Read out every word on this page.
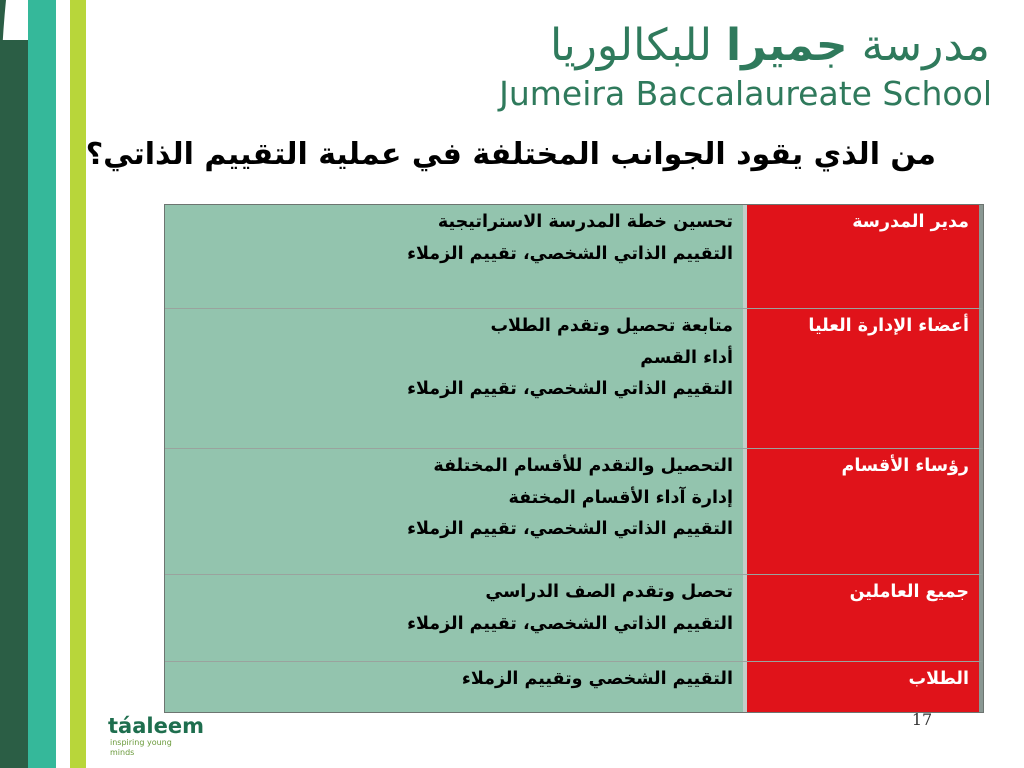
مدرسة جميرا للبكالوريا
Jumeira Baccalaureate School
من الذي يقود الجوانب المختلفة في عملية التقييم الذاتي؟
مدير المدرسة	تحسين خطة المدرسة الاستراتيجية
التقييم الذاتي الشخصي، تقييم الزملاء

أعضاء الإدارة العليا	متابعة تحصيل وتقدم الطلاب
أداء القسم
التقييم الذاتي الشخصي، تقييم الزملاء

رؤساء الأقسام	التحصيل والتقدم للأقسام المختلفة
إدارة آداء الأقسام المختفة
التقييم الذاتي الشخصي، تقييم الزملاء

جميع العاملين	تحصل وتقدم الصف الدراسي
التقييم الذاتي الشخصي، تقييم الزملاء

الطلاب	التقييم الشخصي وتقييم الزملاء
táaleem
inspiring young minds
17
